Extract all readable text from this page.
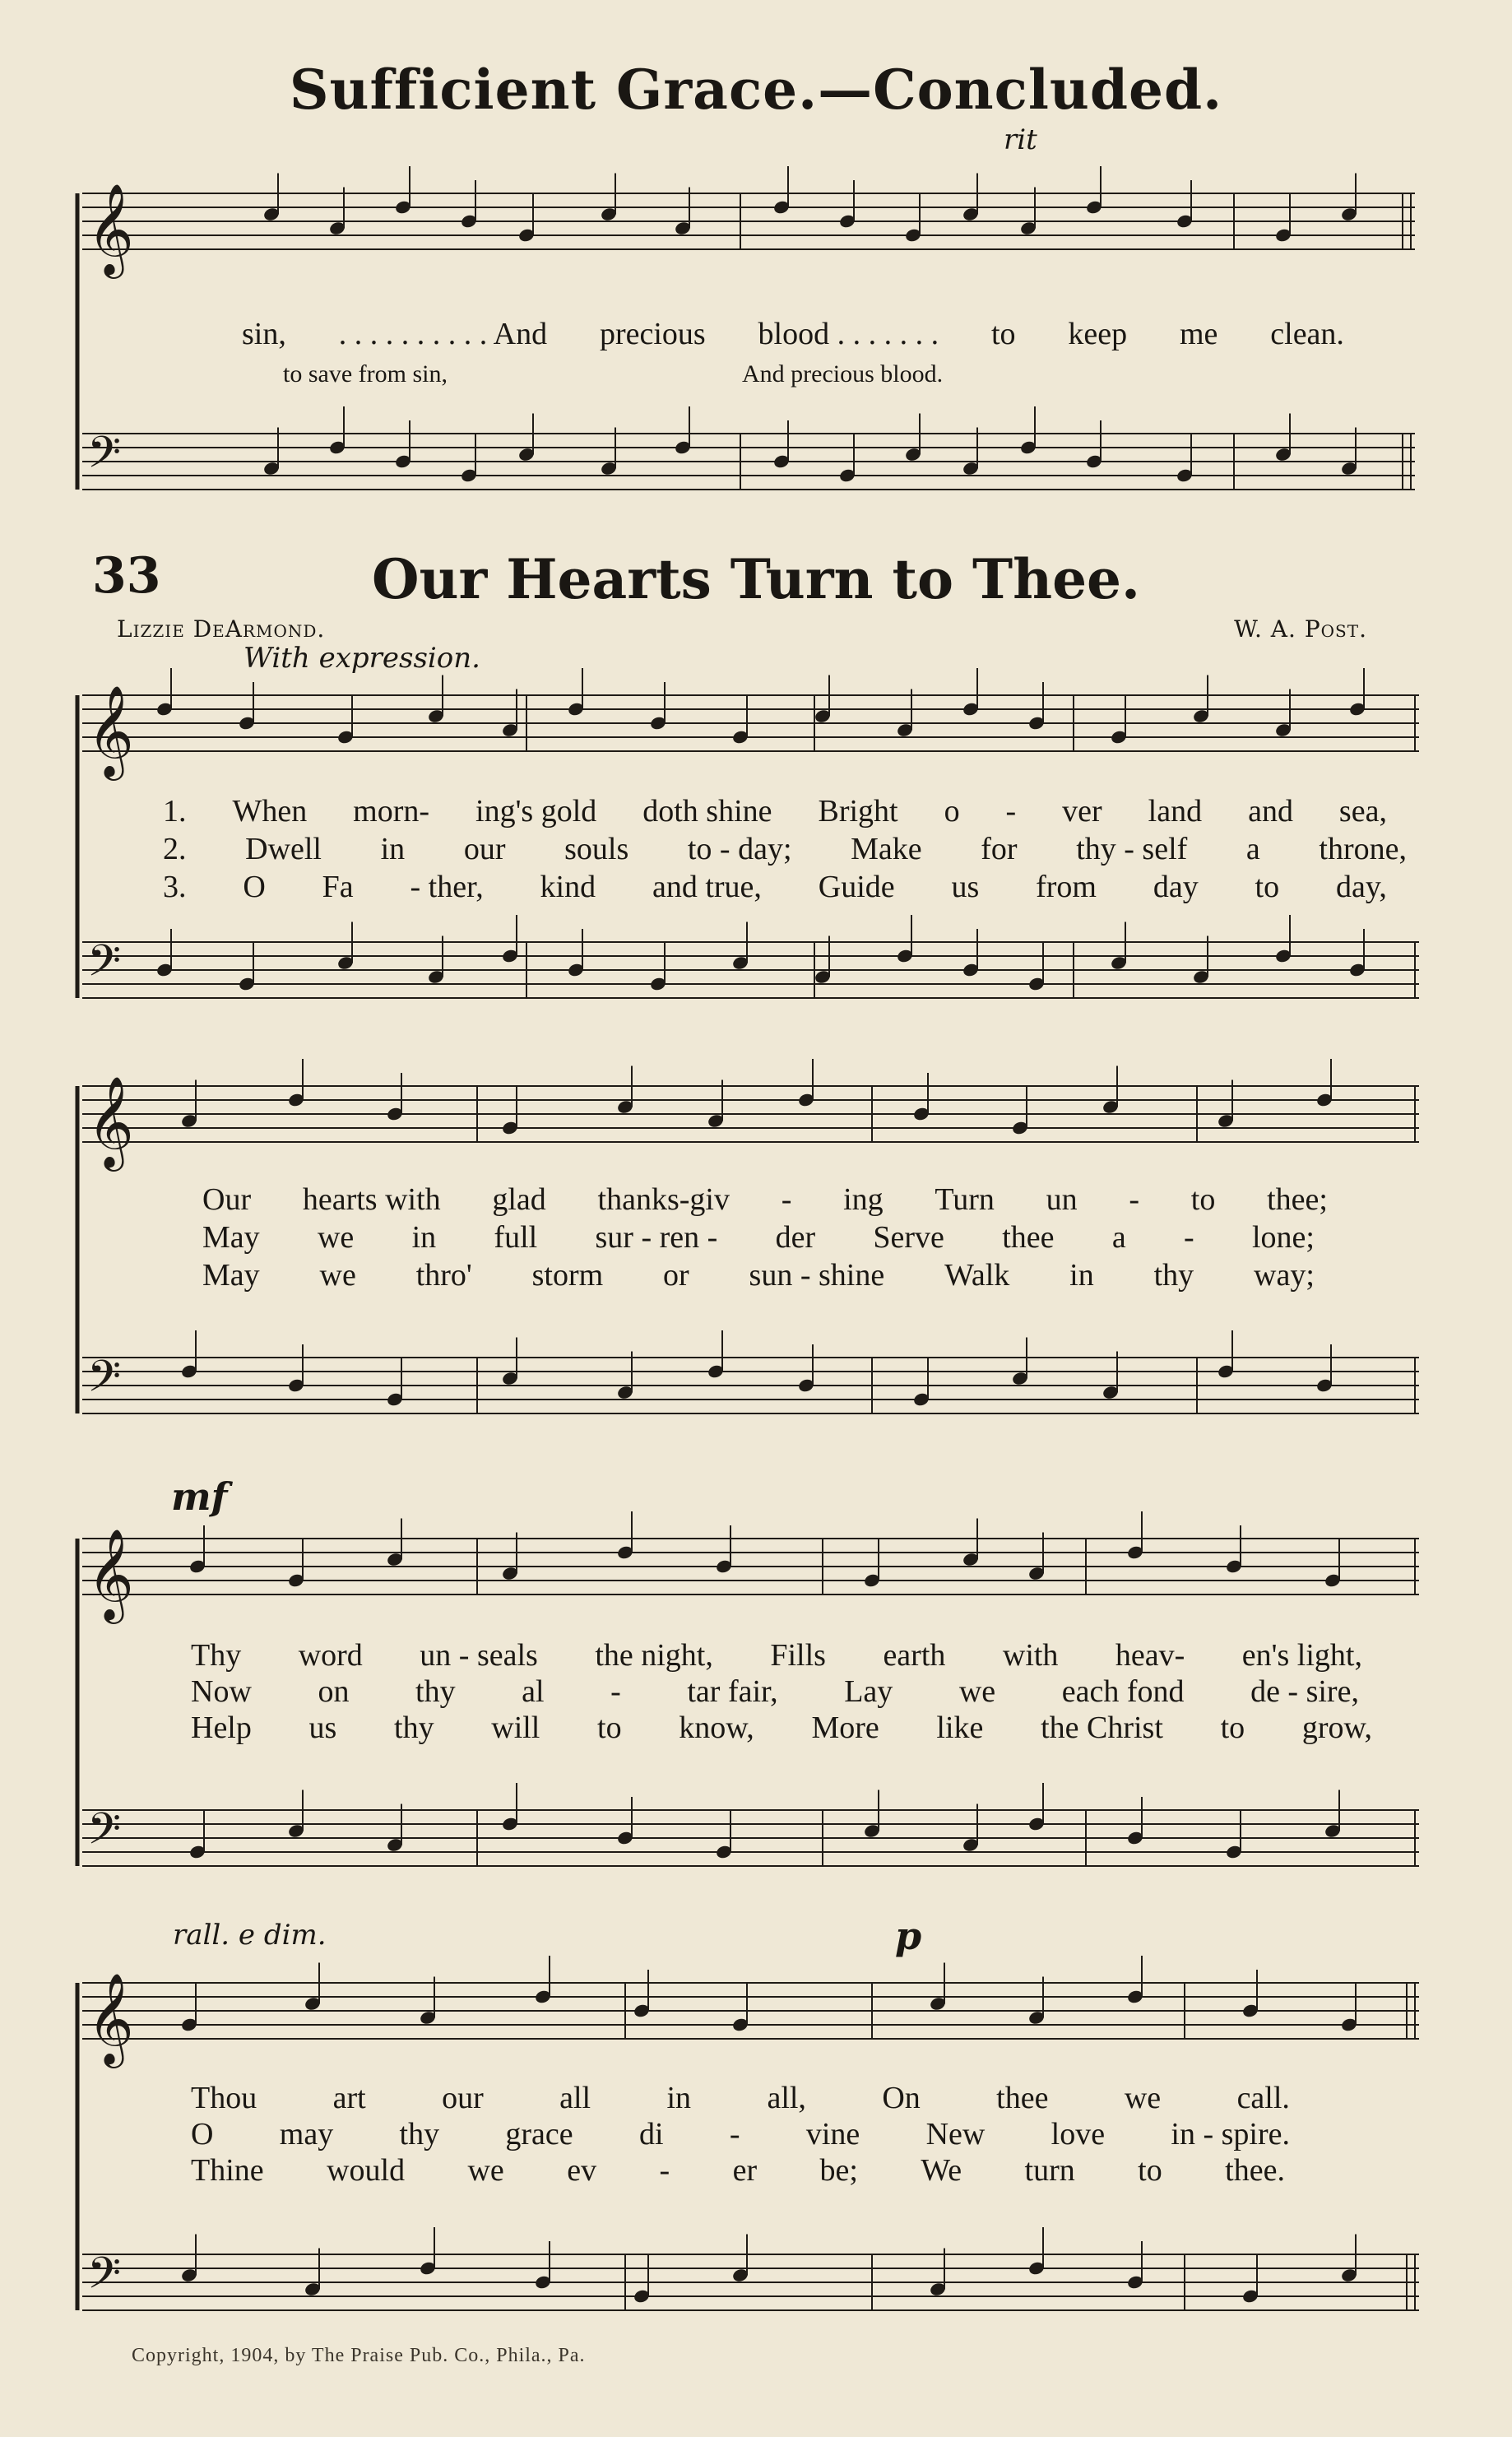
Sufficient Grace.—Concluded.
rit
33	Our Hearts Turn to Thee.
Lizzie DeArmond.	W. A. Post.
With expression.
mf
rall. e dim.	p
sin, . . . . . . . . . . And precious blood . . . . . . . to keep me clean.
to save from sin,	And precious blood.
1. When morn- ing's gold doth shine Bright o - ver land and sea,
2. Dwell in our souls to - day; Make for thy - self a throne,
3. O Fa - ther, kind and true, Guide us from day to day,
Our hearts with glad thanks-giv - ing Turn un - to thee;
May we in full sur - ren - der Serve thee a - lone;
May we thro' storm or sun - shine Walk in thy way;
Thy word un - seals the night, Fills earth with heav- en's light,
Now on thy al - tar fair, Lay we each fond de - sire,
Help us thy will to know, More like the Christ to grow,
Thou art our all in all, On thee we call.
O may thy grace di - vine New love in - spire.
Thine would we ev - er be; We turn to thee.
𝄞
𝄢
𝄞
𝄢
𝄞
𝄢
𝄞
𝄢
𝄞
𝄢
Copyright, 1904, by The Praise Pub. Co., Phila., Pa.
